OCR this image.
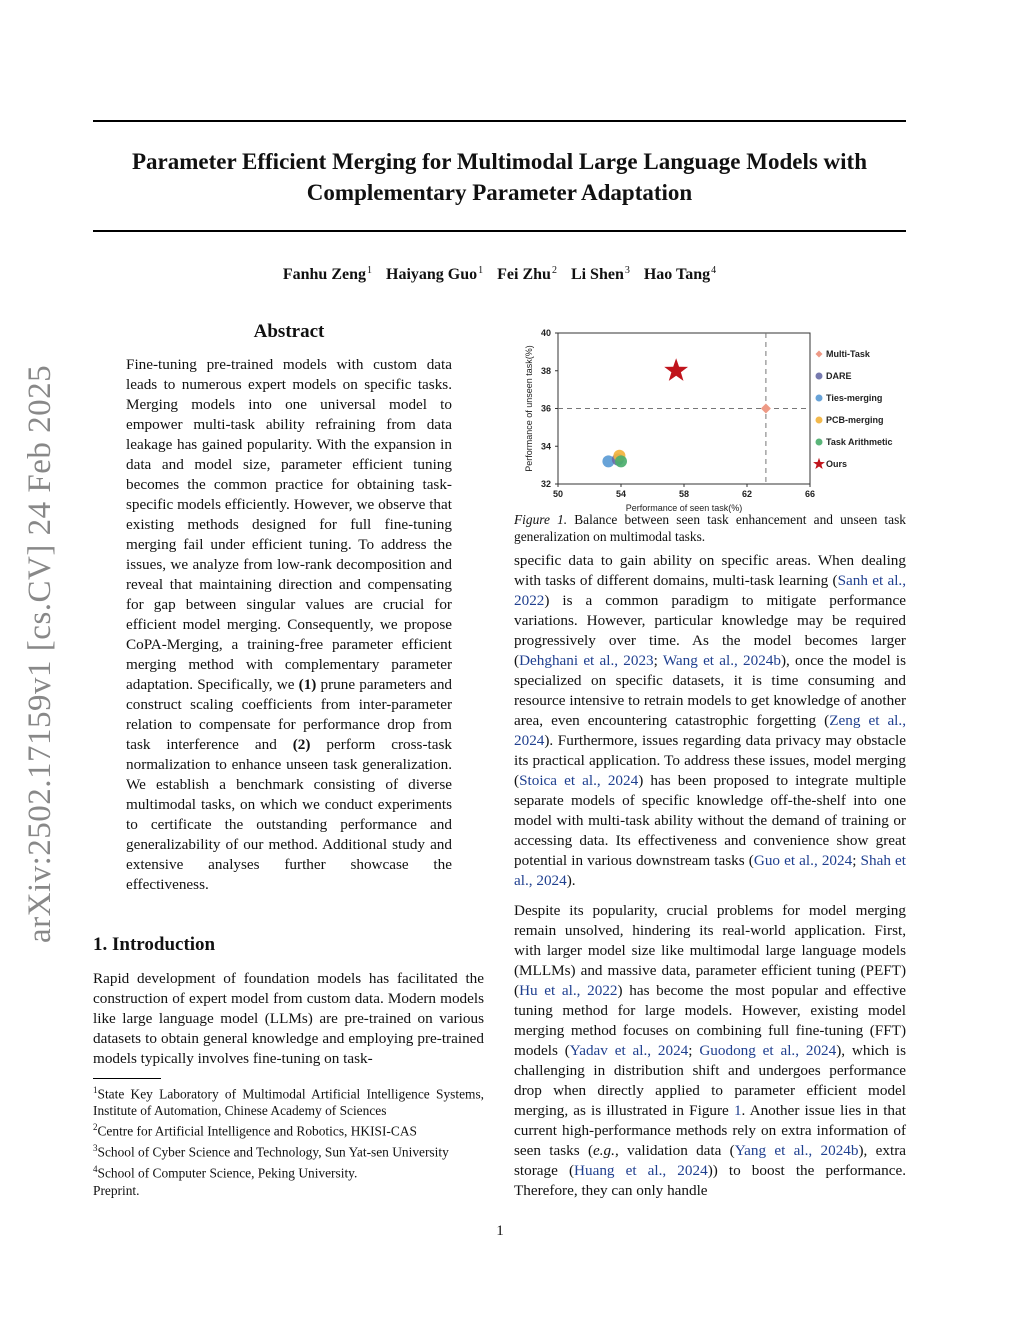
Parameter Efficient Merging for Multimodal Large Language Models with Complementary Parameter Adaptation
Fanhu Zeng$^1$ Haiyang Guo$^1$ Fei Zhu$^2$ Li Shen$^3$ Hao Tang$^4$
arXiv:2502.17159v1 [cs.CV] 24 Feb 2025
Abstract

Fine-tuning pre-trained models with custom data leads to numerous expert models on specific tasks. Merging models into one universal model to empower multi-task ability refraining from data leakage has gained popularity. With the expansion in data and model size, parameter efficient tuning becomes the common practice for obtaining task-specific models efficiently. However, we observe that existing methods designed for full fine-tuning merging fail under efficient tuning. To address the issues, we analyze from low-rank decomposition and reveal that maintaining direction and compensating for gap between singular values are crucial for efficient model merging. Consequently, we propose CoPA-Merging, a training-free parameter efficient merging method with complementary parameter adaptation. Specifically, we (1) prune parameters and construct scaling coefficients from inter-parameter relation to compensate for performance drop from task interference and (2) perform cross-task normalization to enhance unseen task generalization. We establish a benchmark consisting of diverse multimodal tasks, on which we conduct experiments to certificate the outstanding performance and generalizability of our method. Additional study and extensive analyses further showcase the effectiveness.

1. Introduction

Rapid development of foundation models has facilitated the construction of expert model from custom data. Modern models like large language model (LLMs) are pre-trained on various datasets to obtain general knowledge and employing pre-trained models typically involves fine-tuning on task-

$^1$State Key Laboratory of Multimodal Artificial Intelligence Systems, Institute of Automation, Chinese Academy of Sciences
$^2$Centre for Artificial Intelligence and Robotics, HKISI-CAS
$^3$School of Cyber Science and Technology, Sun Yat-sen University
$^4$School of Computer Science, Peking University.
Preprint.
50	54	58	62	66
32
34
36
38
40
Performance of seen task(%)
Performance of unseen task(%)	Multi-Task
DARE
Ties-merging
PCB-merging
Task Arithmetic
Ours

Figure 1. Balance between seen task enhancement and unseen task generalization on multimodal tasks.

specific data to gain ability on specific areas. When dealing with tasks of different domains, multi-task learning (Sanh et al., 2022) is a common paradigm to mitigate performance variations. However, particular knowledge may be required progressively over time. As the model becomes larger (Dehghani et al., 2023; Wang et al., 2024b), once the model is specialized on specific datasets, it is time consuming and resource intensive to retrain models to get knowledge of another area, even encountering catastrophic forgetting (Zeng et al., 2024). Furthermore, issues regarding data privacy may obstacle its practical application. To address these issues, model merging (Stoica et al., 2024) has been proposed to integrate multiple separate models of specific knowledge off-the-shelf into one model with multi-task ability without the demand of training or accessing data. Its effectiveness and convenience show great potential in various downstream tasks (Guo et al., 2024; Shah et al., 2024).

Despite its popularity, crucial problems for model merging remain unsolved, hindering its real-world application. First, with larger model size like multimodal large language models (MLLMs) and massive data, parameter efficient tuning (PEFT) (Hu et al., 2022) has become the most popular and effective tuning method for large models. However, existing model merging method focuses on combining full fine-tuning (FFT) models (Yadav et al., 2024; Guodong et al., 2024), which is challenging in distribution shift and undergoes performance drop when directly applied to parameter efficient model merging, as is illustrated in Figure 1. Another issue lies in that current high-performance methods rely on extra information of seen tasks (e.g., validation data (Yang et al., 2024b), extra storage (Huang et al., 2024)) to boost the performance. Therefore, they can only handle

1
